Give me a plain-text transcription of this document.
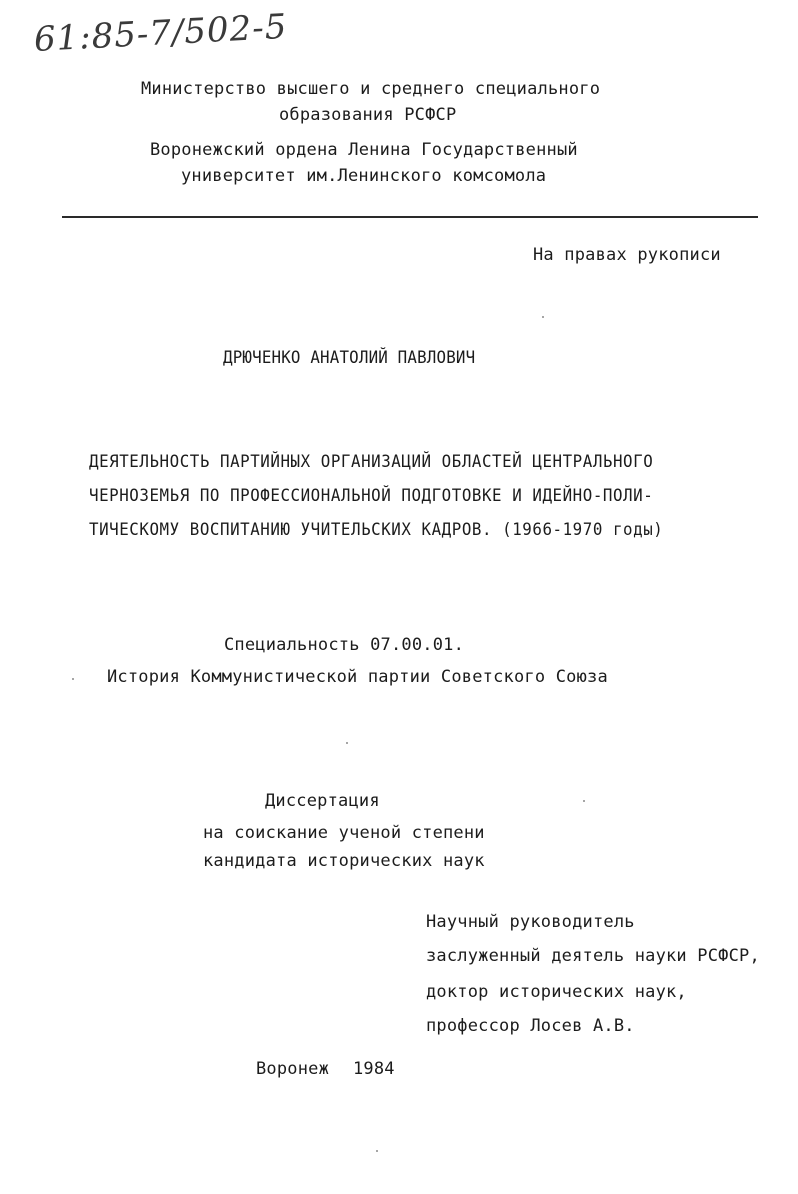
61:85-7/502-5
Министерство высшего и среднего специального
образования РСФСР
Воронежский ордена Ленина Государственный
университет им.Ленинского комсомола
На правах рукописи
ДРЮЧЕНКО АНАТОЛИЙ ПАВЛОВИЧ
ДЕЯТЕЛЬНОСТЬ ПАРТИЙНЫХ ОРГАНИЗАЦИЙ ОБЛАСТЕЙ ЦЕНТРАЛЬНОГО
ЧЕРНОЗЕМЬЯ ПО ПРОФЕССИОНАЛЬНОЙ ПОДГОТОВКЕ И ИДЕЙНО-ПОЛИ-
ТИЧЕСКОМУ ВОСПИТАНИЮ УЧИТЕЛЬСКИХ КАДРОВ. (1966-1970 годы)
Специальность 07.00.01.
История Коммунистической партии Советского Союза
Диссертация
на соискание ученой степени
кандидата исторических наук
Научный руководитель
заслуженный деятель науки РСФСР,
доктор исторических наук,
профессор Лосев А.В.
Воронеж 1984
